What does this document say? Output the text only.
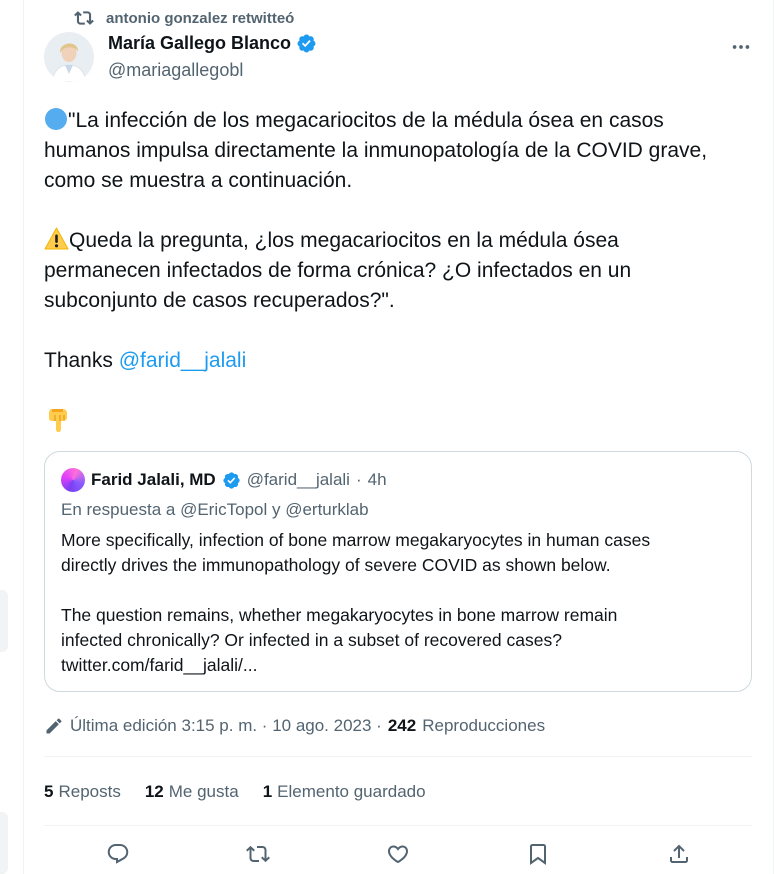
antonio gonzalez retwitteó
María Gallego Blanco
@mariagallegobl

"La infección de los megacariocitos de la médula ósea en casos

humanos impulsa directamente la inmunopatología de la COVID grave,

como se muestra a continuación.

Queda la pregunta, ¿los megacariocitos en la médula ósea

permanecen infectados de forma crónica? ¿O infectados en un

subconjunto de casos recuperados?".

Thanks @farid__jalali

Farid Jalali, MD @farid__jalali · 4h
En respuesta a @EricTopol y @erturklab

More specifically, infection of bone marrow megakaryocytes in human cases

directly drives the immunopathology of severe COVID as shown below.

The question remains, whether megakaryocytes in bone marrow remain

infected chronically? Or infected in a subset of recovered cases?

twitter.com/farid__jalali/...

Última edición 3:15 p. m. · 10 ago. 2023 · 242 Reproducciones
5 Reposts 12 Me gusta 1 Elemento guardado
